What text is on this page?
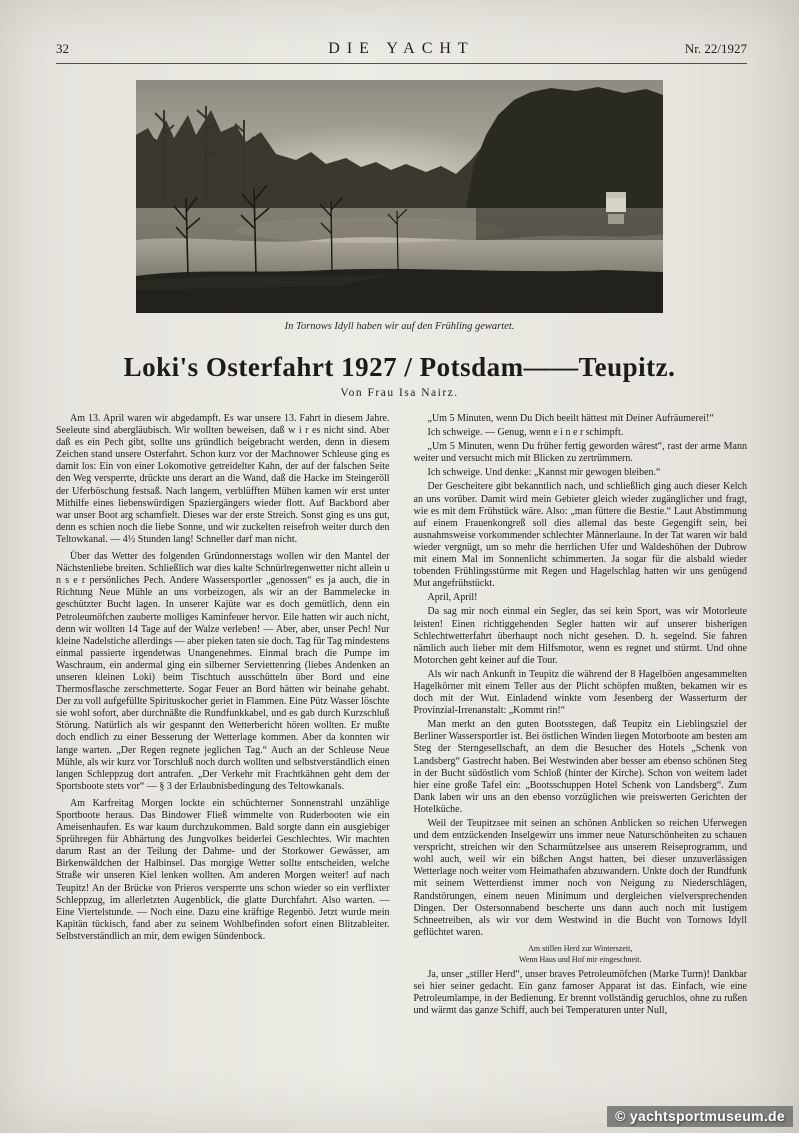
32	DIE YACHT	Nr. 22/1927
In Tornows Idyll haben wir auf den Frühling gewartet.
Loki's Osterfahrt 1927 / Potsdam——Teupitz.
Von Frau Isa Nairz.

Am 13. April waren wir abgedampft. Es war unsere 13. Fahrt in diesem Jahre. Seeleute sind abergläubisch. Wir wollten beweisen, daß w i r es nicht sind. Aber daß es ein Pech gibt, sollte uns gründlich beigebracht werden, denn in diesem Zeichen stand unsere Osterfahrt. Schon kurz vor der Machnower Schleuse ging es damit los: Ein von einer Lokomotive getreidelter Kahn, der auf der falschen Seite den Weg versperrte, drückte uns derart an die Wand, daß die Hacke im Steingeröll der Uferböschung festsaß. Nach langem, verblüfften Mühen kamen wir erst unter Mithilfe eines liebenswürdigen Spaziergängers wieder flott. Auf Backbord aber war unser Boot arg schamfielt. Dieses war der erste Streich. Sonst ging es uns gut, denn es schien noch die liebe Sonne, und wir zuckelten reisefroh weiter durch den Teltowkanal. — 4½ Stunden lang! Schneller darf man nicht.

Über das Wetter des folgenden Gründonnerstags wollen wir den Mantel der Nächstenliebe breiten. Schließlich war dies kalte Schnürlregenwetter nicht allein u n s e r persönliches Pech. Andere Wassersportler „genossen“ es ja auch, die in Richtung Neue Mühle an uns vorbeizogen, als wir an der Bammelecke in geschützter Bucht lagen. In unserer Kajüte war es doch gemütlich, denn ein Petroleumöfchen zauberte molliges Kaminfeuer hervor. Eile hatten wir auch nicht, denn wir wollten 14 Tage auf der Walze verleben! — Aber, aber, unser Pech! Nur kleine Nadelstiche allerdings — aber pieken taten sie doch. Tag für Tag mindestens einmal passierte irgendetwas Unangenehmes. Einmal brach die Pumpe im Waschraum, ein andermal ging ein silberner Serviettenring (liebes Andenken an unseren kleinen Loki) beim Tischtuch ausschütteln über Bord und eine Thermosflasche zerschmetterte. Sogar Feuer an Bord hätten wir beinahe gehabt. Der zu voll aufgefüllte Spirituskocher geriet in Flammen. Eine Pütz Wasser löschte sie wohl sofort, aber durchnäßte die Rundfunkkabel, und es gab durch Kurzschluß Störung. Natürlich als wir gespannt den Wetterbericht hören wollten. Er mußte doch endlich zu einer Besserung der Wetterlage kommen. Aber da konnten wir lange warten. „Der Regen regnete jeglichen Tag.“ Auch an der Schleuse Neue Mühle, als wir kurz vor Torschluß noch durch wollten und selbstverständlich einen langen Schleppzug dort antrafen. „Der Verkehr mit Frachtkähnen geht dem der Sportsboote stets vor“ — § 3 der Erlaubnisbedingung des Teltowkanals.

Am Karfreitag Morgen lockte ein schüchterner Sonnenstrahl unzählige Sportboote heraus. Das Bindower Fließ wimmelte von Ruderbooten wie ein Ameisenhaufen. Es war kaum durchzukommen. Bald sorgte dann ein ausgiebiger Sprühregen für Abhärtung des Jungvolkes beiderlei Geschlechtes. Wir machten darum Rast an der Teilung der Dahme- und der Storkower Gewässer, am Birkenwäldchen der Halbinsel. Das morgige Wetter sollte entscheiden, welche Straße wir unseren Kiel lenken wollten. Am anderen Morgen weiter! auf nach Teupitz! An der Brücke von Prieros versperrte uns schon wieder so ein verflixter Schleppzug, im allerletzten Augenblick, die glatte Durchfahrt. Also warten. — Eine Viertelstunde. — Noch eine. Dazu eine kräftige Regenbö. Jetzt wurde mein Kapitän tückisch, fand aber zu seinem Wohlbefinden sofort einen Blitzableiter. Selbstverständlich an mir, dem ewigen Sündenbock.

„Um 5 Minuten, wenn Du Dich beeilt hättest mit Deiner Aufräumerei!“

Ich schweige. — Genug, wenn e i n e r schimpft.

„Um 5 Minuten, wenn Du früher fertig geworden wärest“, rast der arme Mann weiter und versucht mich mit Blicken zu zertrümmern.

Ich schweige. Und denke: „Kannst mir gewogen bleiben.“

Der Gescheitere gibt bekanntlich nach, und schließlich ging auch dieser Kelch an uns vorüber. Damit wird mein Gebieter gleich wieder zugänglicher und fragt, wie es mit dem Frühstück wäre. Also: „man füttere die Bestie.“ Laut Abstimmung auf einem Frauenkongreß soll dies allemal das beste Gegengift sein, bei ausnahmsweise vorkommender schlechter Männerlaune. In der Tat waren wir bald wieder vergnügt, um so mehr die herrlichen Ufer und Waldeshöhen der Dubrow mit einem Mal im Sonnenlicht schimmerten. Ja sogar für die alsbald wieder tobenden Frühlingsstürme mit Regen und Hagelschlag hatten wir uns genügend Mut angefrühstückt.

April, April!

Da sag mir noch einmal ein Segler, das sei kein Sport, was wir Motorleute leisten! Einen richtiggehenden Segler hatten wir auf unserer bisherigen Schlechtwetterfahrt überhaupt noch nicht gesehen. D. h. segelnd. Sie fahren nämlich auch lieber mit dem Hilfsmotor, wenn es regnet und stürmt. Und ohne Motorchen geht keiner auf die Tour.

Als wir nach Ankunft in Teupitz die während der 8 Hagelböen angesammelten Hagelkörner mit einem Teller aus der Plicht schöpfen mußten, bekamen wir es doch mit der Wut. Einladend winkte vom Jesenberg der Wasserturm der Provinzial-Irrenanstalt: „Kommt rin!“

Man merkt an den guten Bootsstegen, daß Teupitz ein Lieblingsziel der Berliner Wassersportler ist. Bei östlichen Winden liegen Motorboote am besten am Steg der Sterngesellschaft, an dem die Besucher des Hotels „Schenk von Landsberg“ Gastrecht haben. Bei Westwinden aber besser am ebenso schönen Steg in der Bucht südöstlich vom Schloß (hinter der Kirche). Schon von weitem ladet hier eine große Tafel ein: „Bootsschuppen Hotel Schenk von Landsberg“. Zum Dank laben wir uns an den ebenso vorzüglichen wie preiswerten Gerichten der Hotelküche.

Weil der Teupitzsee mit seinen an schönen Anblicken so reichen Uferwegen und dem entzückenden Inselgewirr uns immer neue Naturschönheiten zu schauen verspricht, streichen wir den Scharmützelsee aus unserem Reiseprogramm, und wohl auch, weil wir ein bißchen Angst hatten, bei dieser unzuverlässigen Wetterlage noch weiter vom Heimathafen abzuwandern. Unkte doch der Rundfunk mit seinem Wetterdienst immer noch von Neigung zu Niederschlägen, Randstörungen, einem neuen Minimum und dergleichen vielversprechenden Dingen. Der Ostersonnabend bescherte uns dann auch noch mit lustigem Schneetreiben, als wir vor dem Westwind in die Bucht von Tornows Idyll geflüchtet waren.

Am stillen Herd zur Winterszeit,
Wenn Haus und Hof mir eingeschneit.

Ja, unser „stiller Herd“, unser braves Petroleumöfchen (Marke Turm)! Dankbar sei hier seiner gedacht. Ein ganz famoser Apparat ist das. Einfach, wie eine Petroleumlampe, in der Bedienung. Er brennt vollständig geruchlos, ohne zu rußen und wärmt das ganze Schiff, auch bei Temperaturen unter Null,

© yachtsportmuseum.de
